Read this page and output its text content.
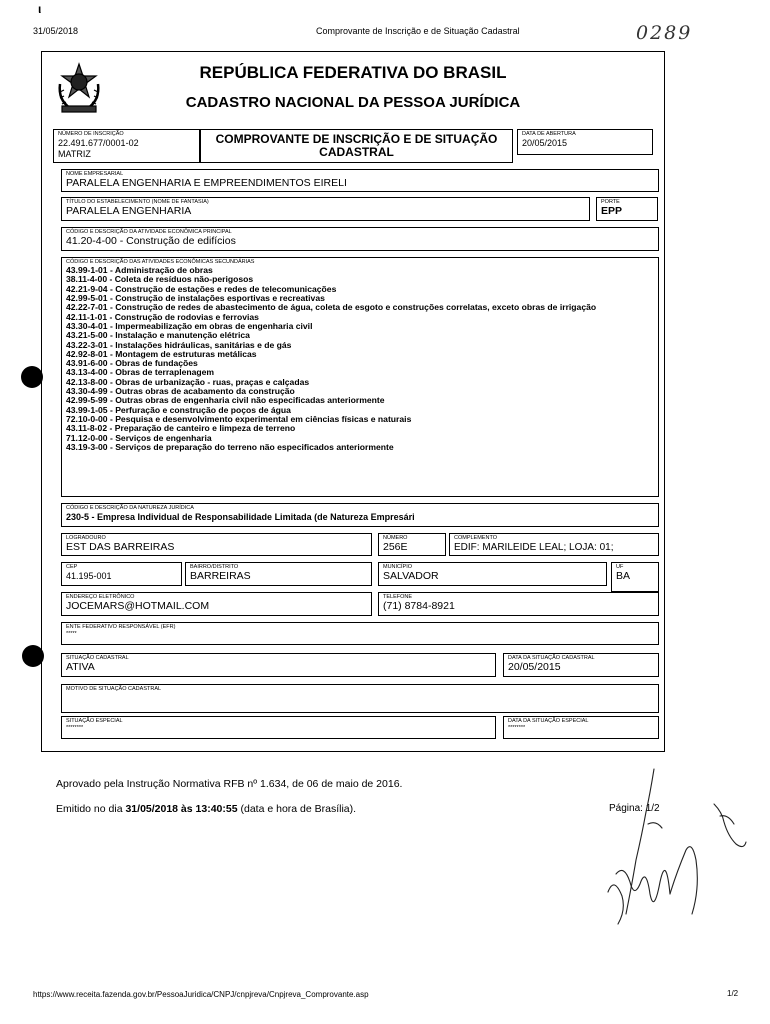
ι
31/05/2018	Comprovante de Inscrição e de Situação Cadastral	0289
REPÚBLICA FEDERATIVA DO BRASIL
CADASTRO NACIONAL DA PESSOA JURÍDICA
NÚMERO DE INSCRIÇÃO
22.491.677/0001-02
MATRIZ
COMPROVANTE DE INSCRIÇÃO E DE SITUAÇÃO
CADASTRAL
DATA DE ABERTURA
20/05/2015
NOME EMPRESARIAL
PARALELA ENGENHARIA E EMPREENDIMENTOS EIRELI
TÍTULO DO ESTABELECIMENTO (NOME DE FANTASIA)
PARALELA ENGENHARIA
PORTE
EPP
CÓDIGO E DESCRIÇÃO DA ATIVIDADE ECONÔMICA PRINCIPAL
41.20-4-00 - Construção de edifícios
CÓDIGO E DESCRIÇÃO DAS ATIVIDADES ECONÔMICAS SECUNDÁRIAS
43.99-1-01 - Administração de obras
38.11-4-00 - Coleta de resíduos não-perigosos
42.21-9-04 - Construção de estações e redes de telecomunicações
42.99-5-01 - Construção de instalações esportivas e recreativas
42.22-7-01 - Construção de redes de abastecimento de água, coleta de esgoto e construções correlatas, exceto obras de irrigação
42.11-1-01 - Construção de rodovias e ferrovias
43.30-4-01 - Impermeabilização em obras de engenharia civil
43.21-5-00 - Instalação e manutenção elétrica
43.22-3-01 - Instalações hidráulicas, sanitárias e de gás
42.92-8-01 - Montagem de estruturas metálicas
43.91-6-00 - Obras de fundações
43.13-4-00 - Obras de terraplenagem
42.13-8-00 - Obras de urbanização - ruas, praças e calçadas
43.30-4-99 - Outras obras de acabamento da construção
42.99-5-99 - Outras obras de engenharia civil não especificadas anteriormente
43.99-1-05 - Perfuração e construção de poços de água
72.10-0-00 - Pesquisa e desenvolvimento experimental em ciências físicas e naturais
43.11-8-02 - Preparação de canteiro e limpeza de terreno
71.12-0-00 - Serviços de engenharia
43.19-3-00 - Serviços de preparação do terreno não especificados anteriormente
CÓDIGO E DESCRIÇÃO DA NATUREZA JURÍDICA
230-5 - Empresa Individual de Responsabilidade Limitada (de Natureza Empresári
LOGRADOURO
EST DAS BARREIRAS
NÚMERO
256E
COMPLEMENTO
EDIF: MARILEIDE LEAL; LOJA: 01;
CEP
41.195-001
BAIRRO/DISTRITO
BARREIRAS
MUNICÍPIO
SALVADOR
UF
BA
ENDEREÇO ELETRÔNICO
JOCEMARS@HOTMAIL.COM
TELEFONE
(71) 8784-8921
ENTE FEDERATIVO RESPONSÁVEL (EFR)
*****
SITUAÇÃO CADASTRAL
ATIVA
DATA DA SITUAÇÃO CADASTRAL
20/05/2015
MOTIVO DE SITUAÇÃO CADASTRAL
SITUAÇÃO ESPECIAL
********
DATA DA SITUAÇÃO ESPECIAL
********
Aprovado pela Instrução Normativa RFB nº 1.634, de 06 de maio de 2016.
Emitido no dia 31/05/2018 às 13:40:55 (data e hora de Brasília).	Página: 1/2
https://www.receita.fazenda.gov.br/PessoaJuridica/CNPJ/cnpjreva/Cnpjreva_Comprovante.asp	1/2
